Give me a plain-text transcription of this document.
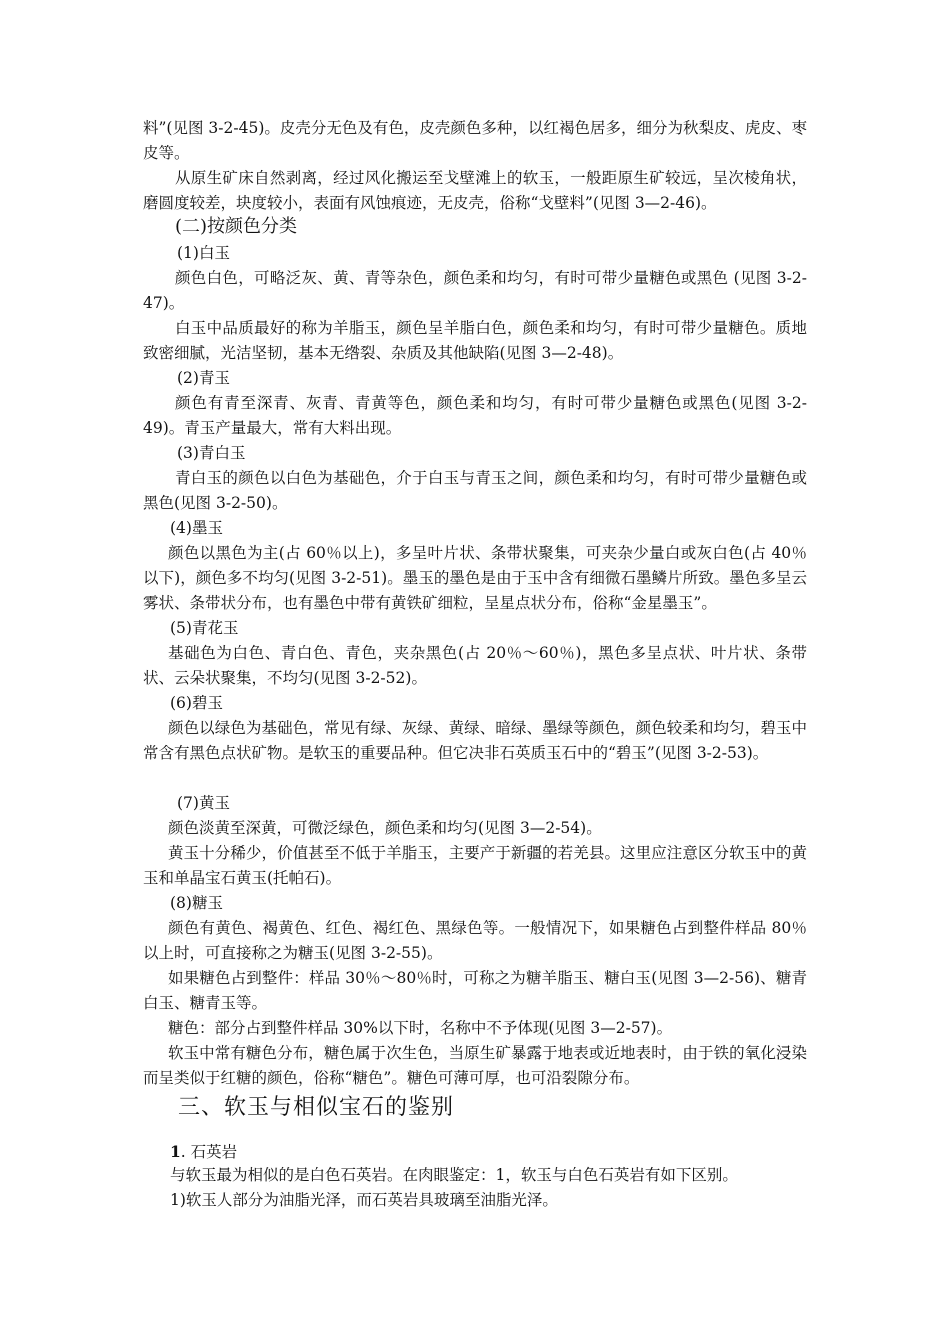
料”(见图 3-2-45)。皮壳分无色及有色，皮壳颜色多种，以红褐色居多，细分为秋梨皮、虎皮、枣皮等。

从原生矿床自然剥离，经过风化搬运至戈壁滩上的软玉，一般距原生矿较远，呈次棱角状，磨圆度较差，块度较小，表面有风蚀痕迹，无皮壳，俗称“戈壁料”(见图 3—2-46)。

(二)按颜色分类

(1)白玉

颜色白色，可略泛灰、黄、青等杂色，颜色柔和均匀，有时可带少量糖色或黑色 (见图 3-2-47)。

白玉中品质最好的称为羊脂玉，颜色呈羊脂白色，颜色柔和均匀，有时可带少量糖色。质地致密细腻，光洁坚韧，基本无绺裂、杂质及其他缺陷(见图 3—2-48)。

(2)青玉

颜色有青至深青、灰青、青黄等色，颜色柔和均匀，有时可带少量糖色或黑色(见图 3-2-49)。青玉产量最大，常有大料出现。

(3)青白玉

青白玉的颜色以白色为基础色，介于白玉与青玉之间，颜色柔和均匀，有时可带少量糖色或黑色(见图 3-2-50)。

(4)墨玉

颜色以黑色为主(占 60％以上)，多呈叶片状、条带状聚集，可夹杂少量白或灰白色(占 40％以下)，颜色多不均匀(见图 3-2-51)。墨玉的墨色是由于玉中含有细微石墨鳞片所致。墨色多呈云雾状、条带状分布，也有墨色中带有黄铁矿细粒，呈星点状分布，俗称“金星墨玉”。

(5)青花玉

基础色为白色、青白色、青色，夹杂黑色(占 20％～60％)，黑色多呈点状、叶片状、条带状、云朵状聚集，不均匀(见图 3-2-52)。

(6)碧玉

颜色以绿色为基础色，常见有绿、灰绿、黄绿、暗绿、墨绿等颜色，颜色较柔和均匀，碧玉中常含有黑色点状矿物。是软玉的重要品种。但它决非石英质玉石中的“碧玉”(见图 3-2-53)。

(7)黄玉

颜色淡黄至深黄，可微泛绿色，颜色柔和均匀(见图 3—2-54)。

黄玉十分稀少，价值甚至不低于羊脂玉，主要产于新疆的若羌县。这里应注意区分软玉中的黄玉和单晶宝石黄玉(托帕石)。

(8)糖玉

颜色有黄色、褐黄色、红色、褐红色、黑绿色等。一般情况下，如果糖色占到整件样品 80％以上时，可直接称之为糖玉(见图 3-2-55)。

如果糖色占到整件：样品 30％～80％时，可称之为糖羊脂玉、糖白玉(见图 3—2-56)、糖青白玉、糖青玉等。

糖色：部分占到整件样品 30%以下时，名称中不予体现(见图 3—2-57)。

软玉中常有糖色分布，糖色属于次生色，当原生矿暴露于地表或近地表时，由于铁的氧化浸染而呈类似于红糖的颜色，俗称“糖色”。糖色可薄可厚，也可沿裂隙分布。

三、软玉与相似宝石的鉴别

1. 石英岩

与软玉最为相似的是白色石英岩。在肉眼鉴定：1，软玉与白色石英岩有如下区别。

1)软玉人部分为油脂光泽，而石英岩具玻璃至油脂光泽。
